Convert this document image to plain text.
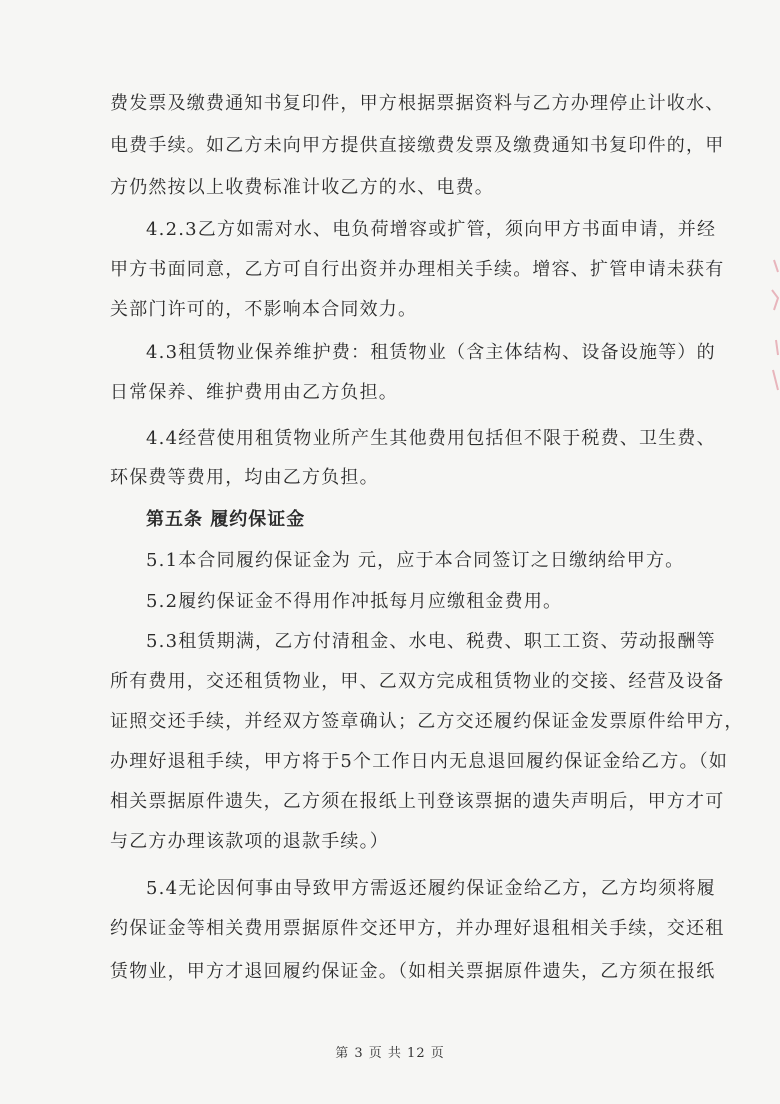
费发票及缴费通知书复印件，甲方根据票据资料与乙方办理停止计收水、
电费手续。如乙方未向甲方提供直接缴费发票及缴费通知书复印件的，甲
方仍然按以上收费标准计收乙方的水、电费。
4.2.3乙方如需对水、电负荷增容或扩管，须向甲方书面申请，并经
甲方书面同意，乙方可自行出资并办理相关手续。增容、扩管申请未获有
关部门许可的，不影响本合同效力。
4.3租赁物业保养维护费：租赁物业（含主体结构、设备设施等）的
日常保养、维护费用由乙方负担。
4.4经营使用租赁物业所产生其他费用包括但不限于税费、卫生费、
环保费等费用，均由乙方负担。
第五条 履约保证金
5.1本合同履约保证金为 元，应于本合同签订之日缴纳给甲方。
5.2履约保证金不得用作冲抵每月应缴租金费用。
5.3租赁期满，乙方付清租金、水电、税费、职工工资、劳动报酬等
所有费用，交还租赁物业，甲、乙双方完成租赁物业的交接、经营及设备
证照交还手续，并经双方签章确认；乙方交还履约保证金发票原件给甲方，
办理好退租手续，甲方将于5个工作日内无息退回履约保证金给乙方。（如
相关票据原件遗失，乙方须在报纸上刊登该票据的遗失声明后，甲方才可
与乙方办理该款项的退款手续。）
5.4无论因何事由导致甲方需返还履约保证金给乙方，乙方均须将履
约保证金等相关费用票据原件交还甲方，并办理好退租相关手续，交还租
赁物业，甲方才退回履约保证金。（如相关票据原件遗失，乙方须在报纸
第 3 页 共 12 页
